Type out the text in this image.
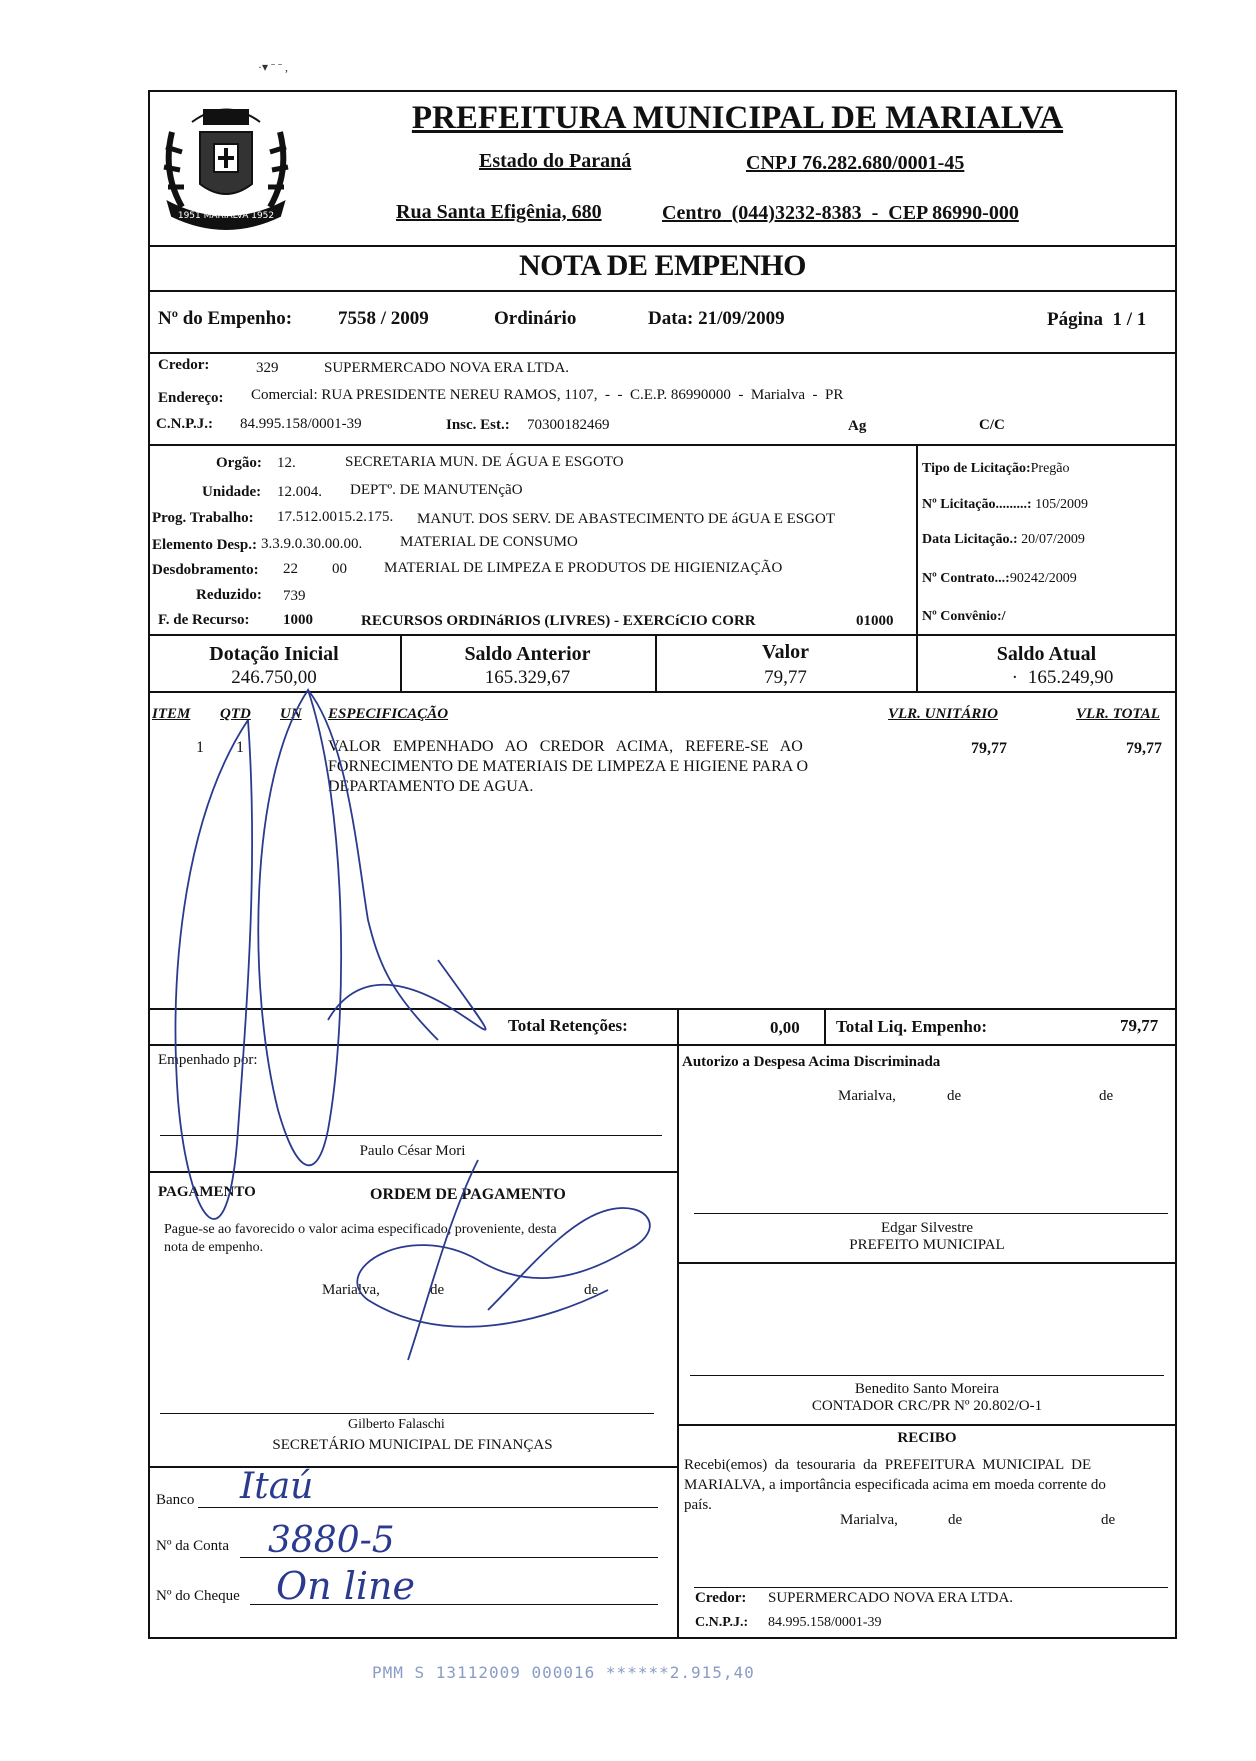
1951 MARIALVA 1952
PREFEITURA MUNICIPAL DE MARIALVA
Estado do Paraná	CNPJ 76.282.680/0001-45
Rua Santa Efigênia, 680	Centro  (044)3232-8383  -  CEP 86990-000
NOTA DE EMPENHO
Nº do Empenho: 7558 / 2009	Ordinário	Data: 21/09/2009	Página  1 / 1
Credor:	329	SUPERMERCADO NOVA ERA LTDA.
Endereço: Comercial: RUA PRESIDENTE NEREU RAMOS, 1107,  -  -  C.E.P. 86990000  -  Marialva  -  PR
C.N.P.J.: 84.995.158/0001-39	Insc. Est.: 70300182469	Ag	C/C
Orgão: 12.	SECRETARIA MUN. DE ÁGUA E ESGOTO
Unidade: 12.004. DEPTº. DE MANUTENçãO
Prog. Trabalho: 17.512.0015.2.175. MANUT. DOS SERV. DE ABASTECIMENTO DE áGUA E ESGOT
Elemento Desp.: 3.3.9.0.30.00.00.	MATERIAL DE CONSUMO
Desdobramento: 22 00 MATERIAL DE LIMPEZA E PRODUTOS DE HIGIENIZAÇÃO
Reduzido: 739
F. de Recurso: 1000	RECURSOS ORDINáRIOS (LIVRES) - EXERCíCIO CORR	01000
Tipo de Licitação:Pregão
Nº Licitação.........: 105/2009
Data Licitação.: 20/07/2009
Nº Contrato...:90242/2009
Nº Convênio:/
Dotação Inicial
246.750,00
Saldo Anterior
165.329,67
Valor
79,77
Saldo Atual
· 165.249,90
ITEM QTD UN ESPECIFICAÇÃO	VLR. UNITÁRIO	VLR. TOTAL
1 1	VALOR   EMPENHADO   AO   CREDOR   ACIMA,   REFERE-SE   AO
FORNECIMENTO DE MATERIAIS DE LIMPEZA E HIGIENE PARA O
DEPARTAMENTO DE AGUA.
79,77	79,77
Total Retenções:	0,00 Total Liq. Empenho:	79,77
Empenhado por:
Paulo César Mori
Autorizo a Despesa Acima Discriminada
Marialva,	de	de
Edgar Silvestre
PREFEITO MUNICIPAL
PAGAMENTO	ORDEM DE PAGAMENTO
Pague-se ao favorecido o valor acima especificado, proveniente, desta
nota de empenho.
Marialva,	de	de
Gilberto Falaschi
SECRETÁRIO MUNICIPAL DE FINANÇAS
Benedito Santo Moreira
CONTADOR CRC/PR Nº 20.802/O-1
RECIBO
Recebi(emos)  da  tesouraria  da  PREFEITURA  MUNICIPAL  DE
MARIALVA, a importância especificada acima em moeda corrente do
país.
Marialva,	de	de
Credor: SUPERMERCADO NOVA ERA LTDA.
C.N.P.J.: 84.995.158/0001-39
Banco Itaú
Nº da Conta 3880-5
Nº do Cheque On line
·▾ ˉ ˉ ,
PMM S 13112009 000016 ******2.915,40
